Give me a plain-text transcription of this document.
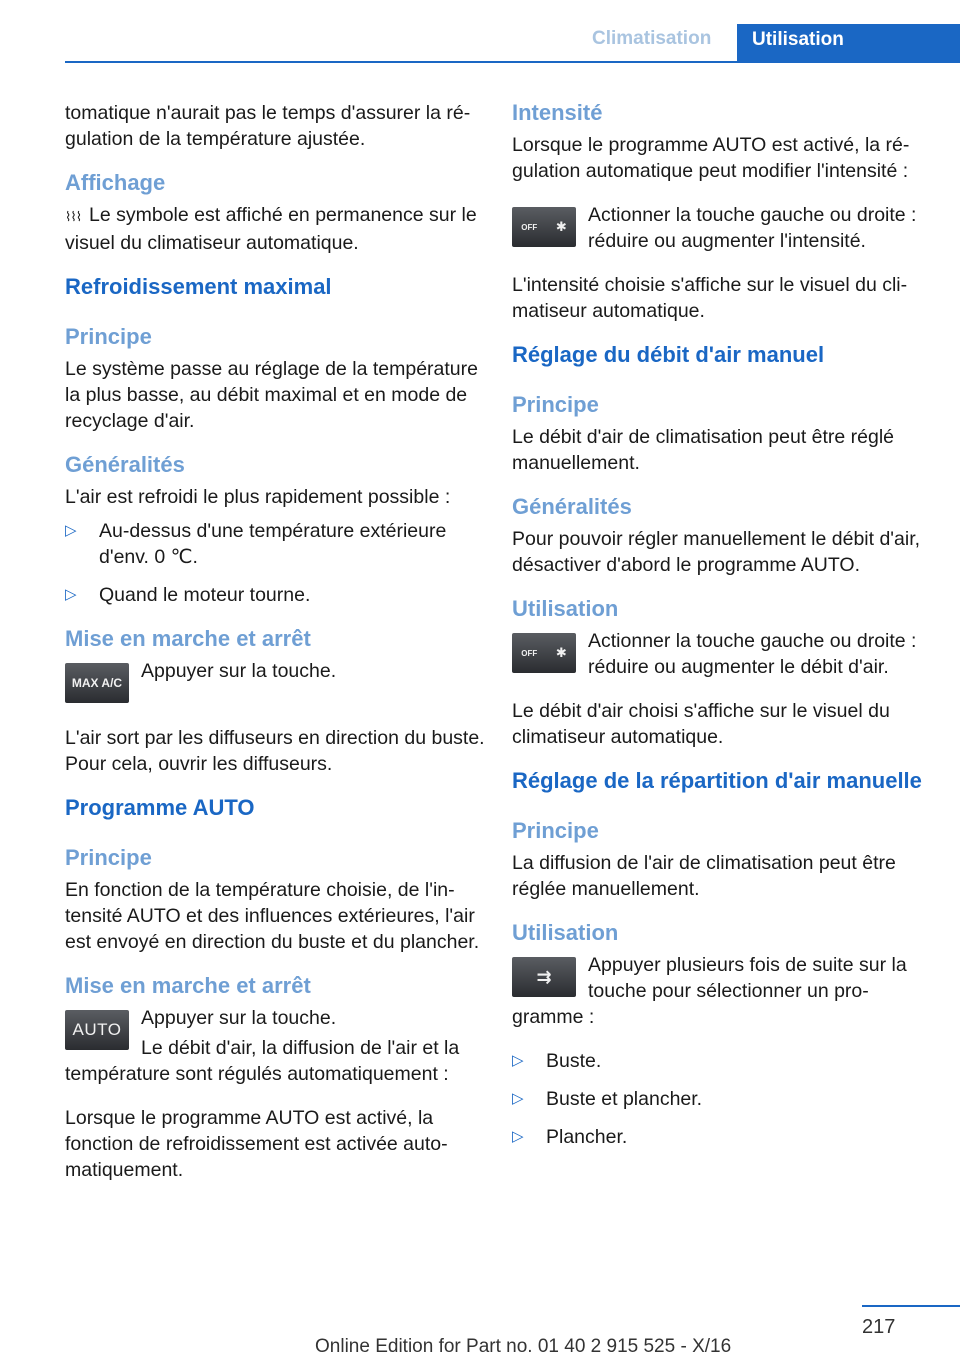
Climatisation	Utilisation

tomatique n'aurait pas le temps d'assurer la régulation de la température ajustée.

Affichage

⌇⌇⌇ Le symbole est affiché en permanence sur le visuel du climatiseur automatique.

Refroidissement maximal
Principe

Le système passe au réglage de la température la plus basse, au débit maximal et en mode de recyclage d'air.

Généralités

L'air est refroidi le plus rapidement possible :

▷ Au-dessus d'une température extérieure d'env. 0 ℃.
▷ Quand le moteur tourne.
Mise en marche et arrêt
MAX A/C

Appuyer sur la touche.

L'air sort par les diffuseurs en direction du buste. Pour cela, ouvrir les diffuseurs.

Programme AUTO
Principe

En fonction de la température choisie, de l'intensité AUTO et des influences extérieures, l'air est envoyé en direction du buste et du plancher.

Mise en marche et arrêt
AUTO

Appuyer sur la touche.

Le débit d'air, la diffusion de l'air et la température sont régulés automatiquement :

Lorsque le programme AUTO est activé, la fonction de refroidissement est activée automatiquement.

Intensité

Lorsque le programme AUTO est activé, la régulation automatique peut modifier l'intensité :

OFF ✱

Actionner la touche gauche ou droite : réduire ou augmenter l'intensité.

L'intensité choisie s'affiche sur le visuel du climatiseur automatique.

Réglage du débit d'air manuel
Principe

Le débit d'air de climatisation peut être réglé manuellement.

Généralités

Pour pouvoir régler manuellement le débit d'air, désactiver d'abord le programme AUTO.

Utilisation
OFF ✱

Actionner la touche gauche ou droite : réduire ou augmenter le débit d'air.

Le débit d'air choisi s'affiche sur le visuel du climatiseur automatique.

Réglage de la répartition d'air manuelle
Principe

La diffusion de l'air de climatisation peut être réglée manuellement.

Utilisation
⇉

Appuyer plusieurs fois de suite sur la touche pour sélectionner un programme :

▷ Buste.
▷ Buste et plancher.
▷ Plancher.
217
Online Edition for Part no. 01 40 2 915 525 - X/16
